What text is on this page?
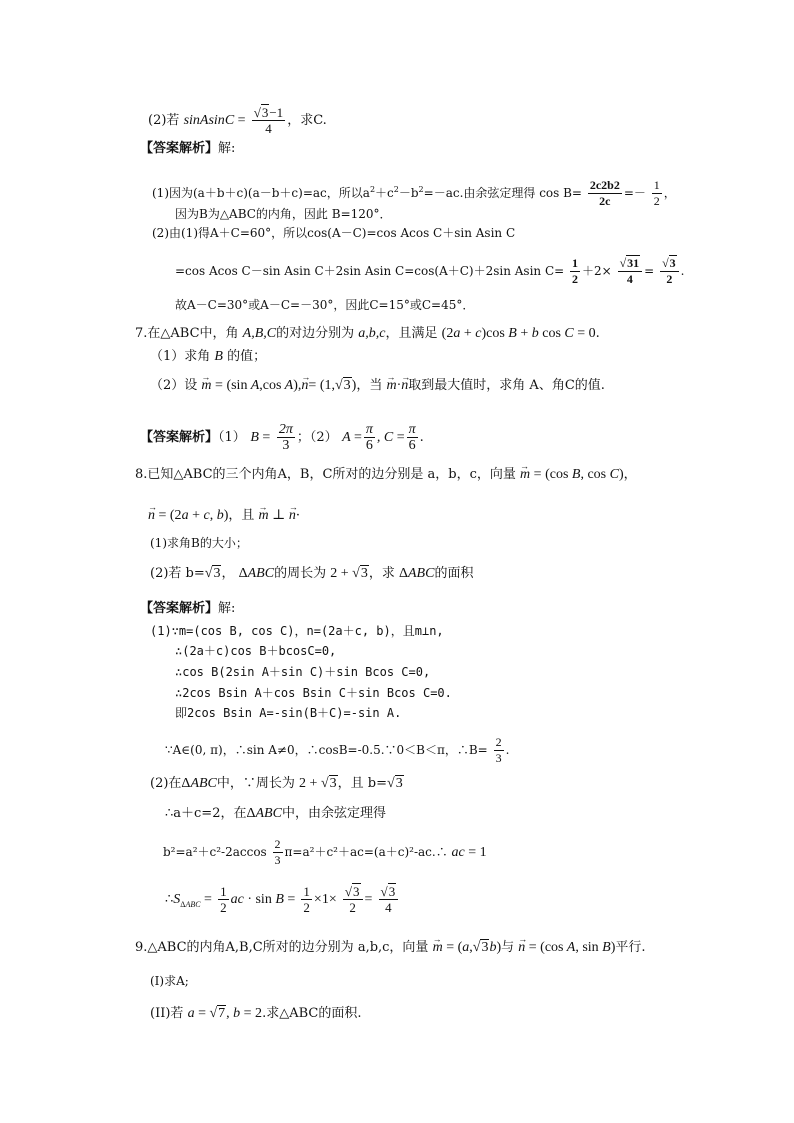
(2)若 sinAsinC = $\frac{√3-1}{4}$ ，求C.
【答案解析】解:
(1)因为(a＋b＋c)(a－b＋c)=ac，所以$a^2+c^2-b^2=-ac$.由余弦定理得 $\cos B= \frac{2c2b2}{2c} =- \frac{1}{2}$ ，
因为B为△ABC的内角，因此 B=120°．
(2)由(1)得A＋C=60°，所以cos(A－C)=cos Acos C＋sin Asin C
=cos Acos C－sin Asin C＋2sin Asin C=cos(A＋C)＋2sin Asin $C= \frac{1}{2} +2\times \frac{√31}{4} = \frac{√3}{2}$ .
故A－C=30°或A－C=－30°，因此C=15°或C=45°．
7.在△ABC中，角 A,B,C的对边分别为 a,b,c，且满足 (2a + c)cos B + b cos C = 0.
（1）求角 B 的值；
（2）设 → m = (sin A,cos A),→ n= (1,√3)，当 → m·→ n取到最大值时，求角 A、角C的值.
【答案解析】（1） $B = \frac{2\pi}{3}$ ；（2） $A = \frac{\pi}{6}$ , $C = \frac{\pi}{6}$ .
8.已知△ABC的三个内角A，B，C所对的边分别是 a，b，c，向量 → m = (cos B, cos C)，
→ n = (2a + c, b)，且 → m ⊥ → n·
(1)求角B的大小；
(2)若 b=√3， ΔABC的周长为 2 + √3，求 ΔABC的面积
【答案解析】解:
(1)∵m=(cos B, cos C)，n=(2a＋c, b)，且m⊥n,
∴(2a＋c)cos B＋bcosC=0,
∴cos B(2sin A＋sin C)＋sin Bcos C=0,
∴2cos Bsin A＋cos Bsin C＋sin Bcos C=0.
即2cos Bsin A=-sin(B＋C)=-sin A.
∵A∈(0, π)，∴sin A≠0，∴cosB=-0.5.∵0＜B＜π，∴B= $\frac{2}{3}$ .
(2)在ΔABC中，∵周长为 2 + √3，且 b=√3
∴a＋c=2，在ΔABC中，由余弦定理得
$b^2=a^2+c^2-2accos \frac{2}{3}$ π=a²＋c²＋ac=(a＋c)²-ac.∴ ac = 1
$\therefore S_{\Delta ABC} = \frac{1}{2}$ ac · $\sin B = \frac{1}{2} \times 1\times \frac{√3}{2} = \frac{√3}{4}$
9.△ABC的内角A,B,C所对的边分别为 a,b,c，向量 → m = (a,√3b)与 → n = (cos A, sin B)平行.
(I)求A;
(II)若 a = √7, b = 2.求△ABC的面积.
